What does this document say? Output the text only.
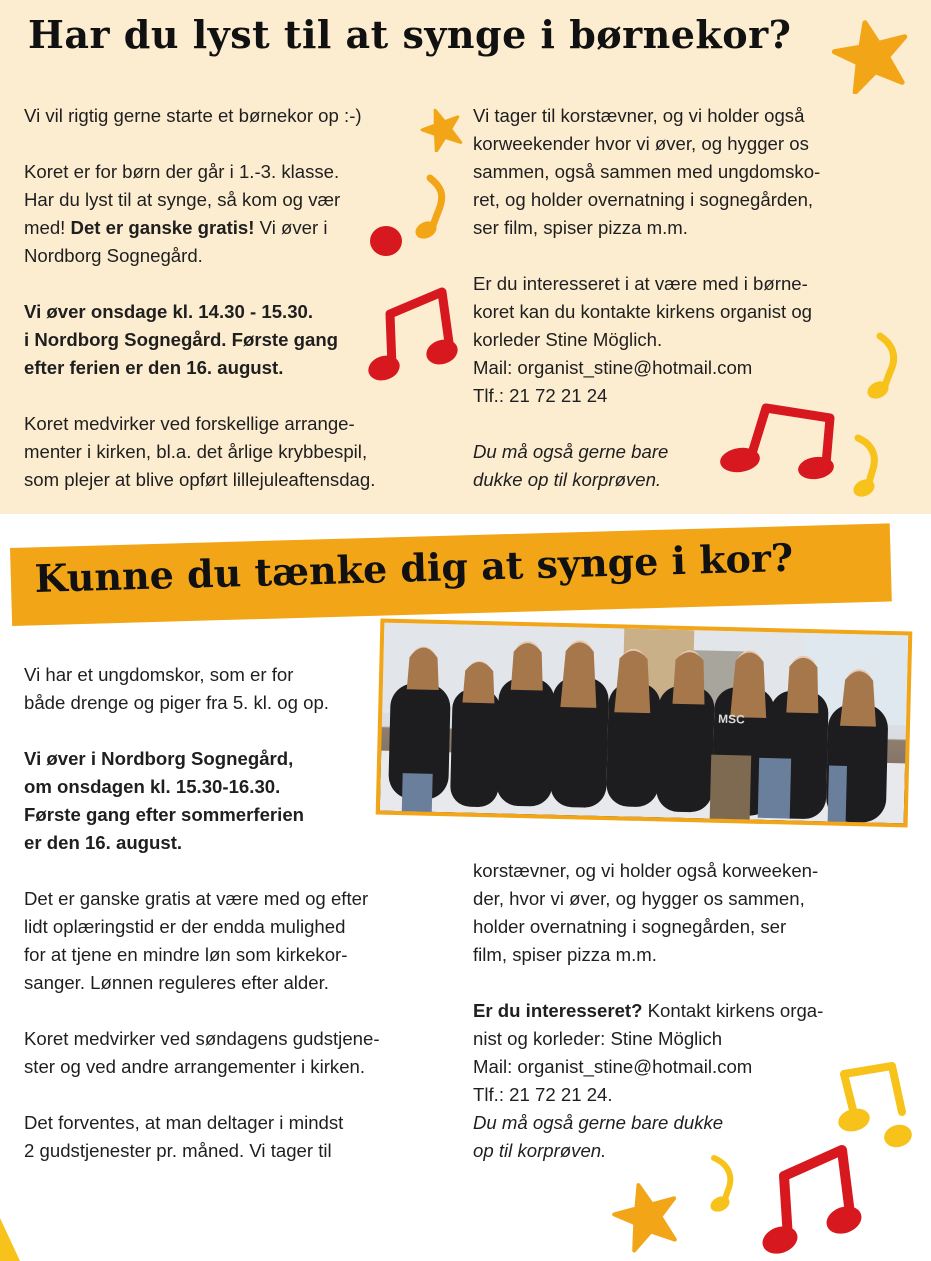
Har du lyst til at synge i børnekor?

Vi vil rigtig gerne starte et børnekor op :-)

Koret er for børn der går i 1.-3. klasse.
Har du lyst til at synge, så kom og vær
med! Det er ganske gratis! Vi øver i
Nordborg Sognegård.

Vi øver onsdage kl. 14.30 - 15.30.
i Nordborg Sognegård. Første gang
efter ferien er den 16. august.

Koret medvirker ved forskellige arrange-
menter i kirken, bl.a. det årlige krybbespil,
som plejer at blive opført lillejuleaftensdag.

Vi tager til korstævner, og vi holder også
korweekender hvor vi øver, og hygger os
sammen, også sammen med ungdomsko-
ret, og holder overnatning i sognegården,
ser film, spiser pizza m.m.

Er du interesseret i at være med i børne-
koret kan du kontakte kirkens organist og
korleder Stine Möglich.
Mail: organist_stine@hotmail.com
Tlf.: 21 72 21 24

Du må også gerne bare
dukke op til korprøven.

Kunne du tænke dig at synge i kor?
MSC

Vi har et ungdomskor, som er for
både drenge og piger fra 5. kl. og op.

Vi øver i Nordborg Sognegård,
om onsdagen kl. 15.30-16.30.
Første gang efter sommerferien
er den 16. august.

Det er ganske gratis at være med og efter
lidt oplæringstid er der endda mulighed
for at tjene en mindre løn som kirkekor-
sanger. Lønnen reguleres efter alder.

Koret medvirker ved søndagens gudstjene-
ster og ved andre arrangementer i kirken.

Det forventes, at man deltager i mindst
2 gudstjenester pr. måned. Vi tager til

korstævner, og vi holder også korweeken-
der, hvor vi øver, og hygger os sammen,
holder overnatning i sognegården, ser
film, spiser pizza m.m.

Er du interesseret? Kontakt kirkens orga-
nist og korleder: Stine Möglich
Mail: organist_stine@hotmail.com
Tlf.: 21 72 21 24.
Du må også gerne bare dukke
op til korprøven.
